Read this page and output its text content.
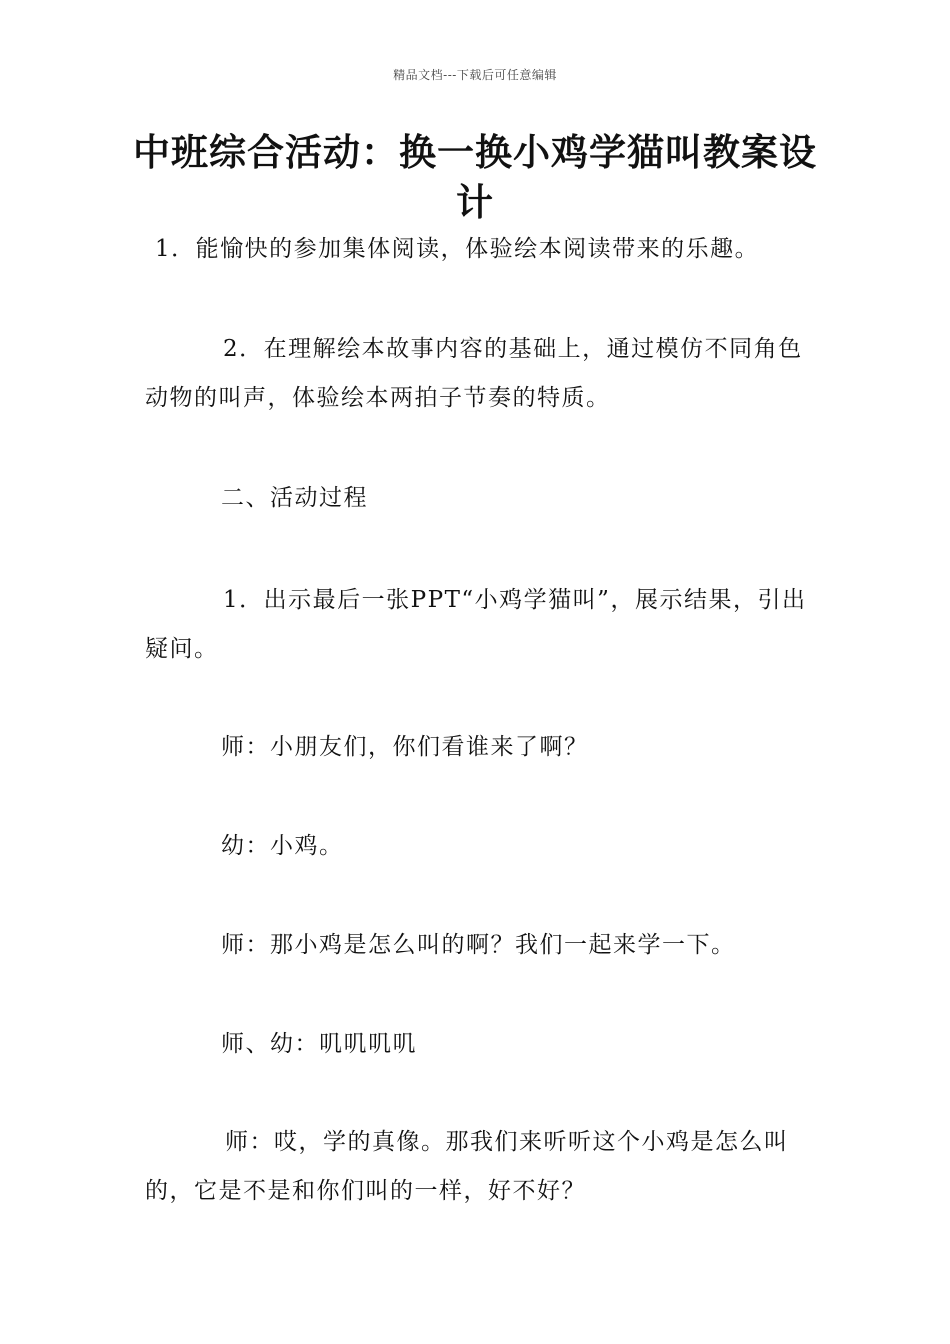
精品文档---下载后可任意编辑
中班综合活动：换一换小鸡学猫叫教案设计
1．能愉快的参加集体阅读，体验绘本阅读带来的乐趣。
2．在理解绘本故事内容的基础上，通过模仿不同角色动物的叫声，体验绘本两拍子节奏的特质。
二、活动过程
1．出示最后一张PPT“小鸡学猫叫”，展示结果，引出疑问。
师：小朋友们，你们看谁来了啊？
幼：小鸡。
师：那小鸡是怎么叫的啊？我们一起来学一下。
师、幼：叽叽叽叽
师：哎，学的真像。那我们来听听这个小鸡是怎么叫的，它是不是和你们叫的一样，好不好？
